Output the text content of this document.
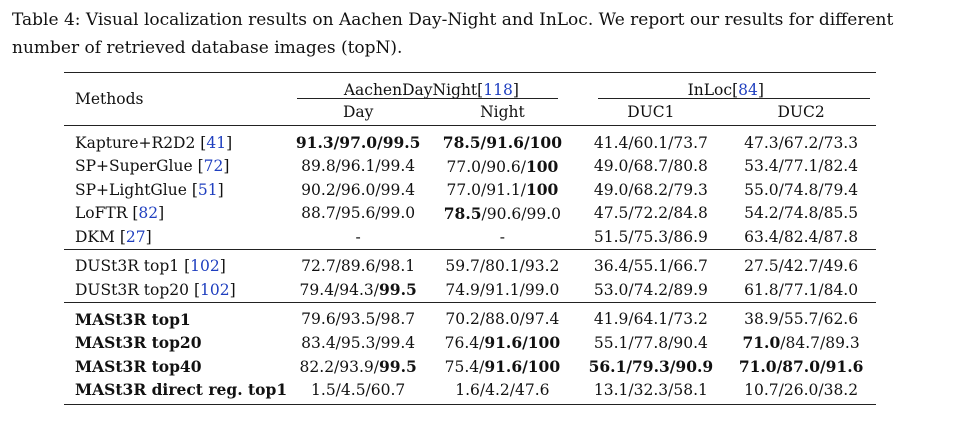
Table 4: Visual localization results on Aachen Day-Night and InLoc. We report our results for different number of retrieved database images (topN).

Methods	AachenDayNight[118]		InLoc[84]	
	Day	Night	DUC1	DUC2
Kapture+R2D2 [41]	91.3/97.0/99.5	78.5/91.6/100	41.4/60.1/73.7	47.3/67.2/73.3
SP+SuperGlue [72]	89.8/96.1/99.4	77.0/90.6/100	49.0/68.7/80.8	53.4/77.1/82.4
SP+LightGlue [51]	90.2/96.0/99.4	77.0/91.1/100	49.0/68.2/79.3	55.0/74.8/79.4
LoFTR [82]	88.7/95.6/99.0	78.5/90.6/99.0	47.5/72.2/84.8	54.2/74.8/85.5
DKM [27]	-	-	51.5/75.3/86.9	63.4/82.4/87.8
DUSt3R top1 [102]	72.7/89.6/98.1	59.7/80.1/93.2	36.4/55.1/66.7	27.5/42.7/49.6
DUSt3R top20 [102]	79.4/94.3/99.5	74.9/91.1/99.0	53.0/74.2/89.9	61.8/77.1/84.0
MASt3R top1	79.6/93.5/98.7	70.2/88.0/97.4	41.9/64.1/73.2	38.9/55.7/62.6
MASt3R top20	83.4/95.3/99.4	76.4/91.6/100	55.1/77.8/90.4	71.0/84.7/89.3
MASt3R top40	82.2/93.9/99.5	75.4/91.6/100	56.1/79.3/90.9	71.0/87.0/91.6
MASt3R direct reg. top1	1.5/4.5/60.7	1.6/4.2/47.6	13.1/32.3/58.1	10.7/26.0/38.2
